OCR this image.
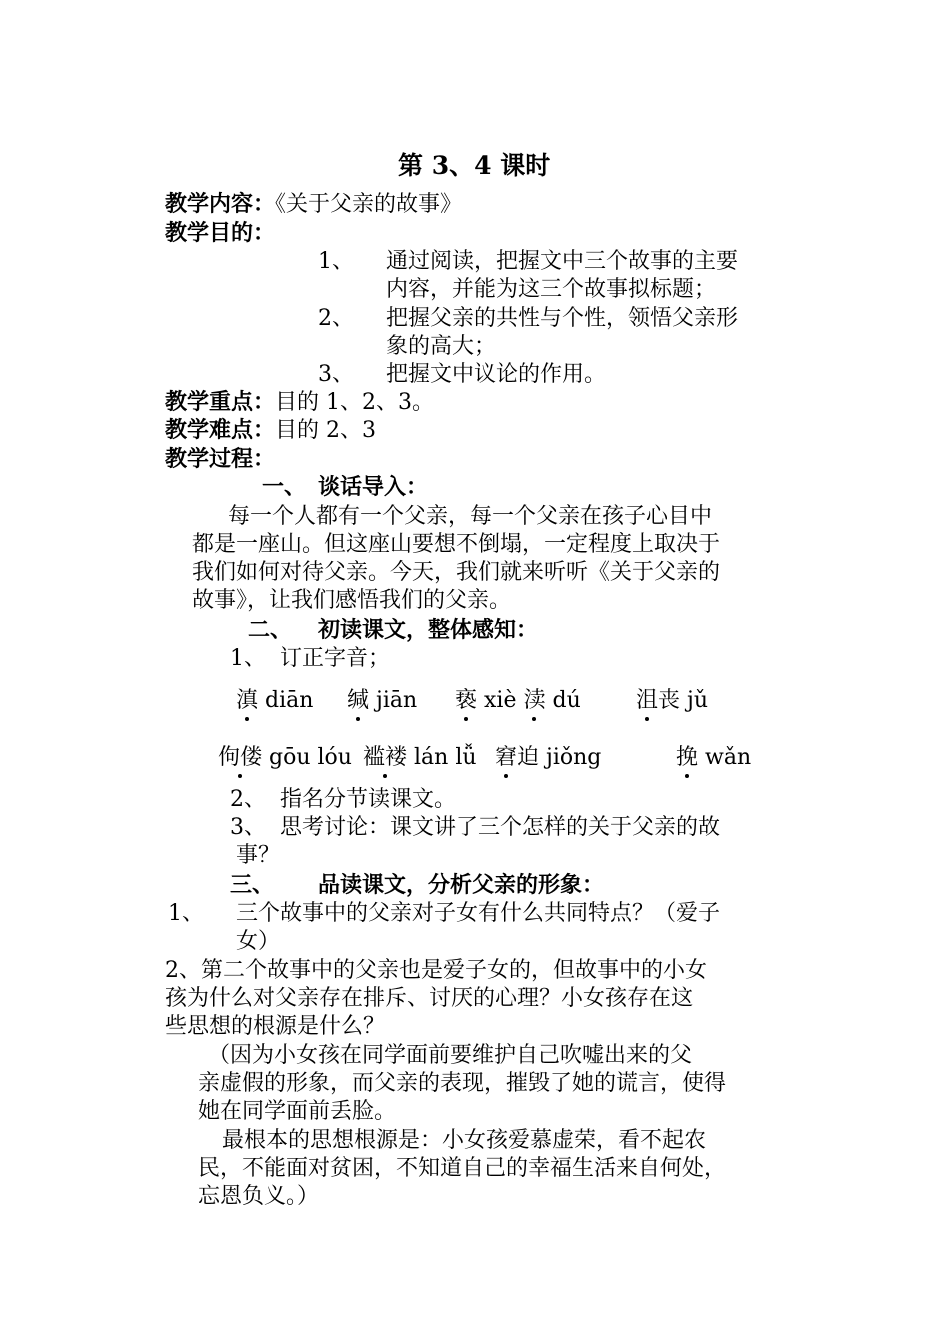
第 3、4 课时
教学内容：《关于父亲的故事》
教学目的：
1、 通过阅读，把握文中三个故事的主要
内容，并能为这三个故事拟标题；
2、 把握父亲的共性与个性，领悟父亲形
象的高大；
3、 把握文中议论的作用。
教学重点：目的 1、2、3。
教学难点：目的 2、3
教学过程：
一、 谈话导入：
每一个人都有一个父亲，每一个父亲在孩子心目中
都是一座山。但这座山要想不倒塌，一定程度上取决于
我们如何对待父亲。今天，我们就来听听《关于父亲的
故事》，让我们感悟我们的父亲。
二、 初读课文，整体感知：
1、 订正字音；
滇 diān 缄 jiān 亵 xiè 渎 dú	沮丧 jǔ
佝偻 gōu lóu 褴褛 lán lǚ 窘迫 jiǒng	挽 wǎn
2、 指名分节读课文。
3、 思考讨论：课文讲了三个怎样的关于父亲的故
事？
三、 品读课文，分析父亲的形象：
1、 三个故事中的父亲对子女有什么共同特点？（爱子
女）
2、第二个故事中的父亲也是爱子女的，但故事中的小女
孩为什么对父亲存在排斥、讨厌的心理？小女孩存在这
些思想的根源是什么？
（因为小女孩在同学面前要维护自己吹嘘出来的父
亲虚假的形象，而父亲的表现，摧毁了她的谎言，使得
她在同学面前丢脸。
最根本的思想根源是：小女孩爱慕虚荣，看不起农
民，不能面对贫困，不知道自己的幸福生活来自何处，
忘恩负义。）
